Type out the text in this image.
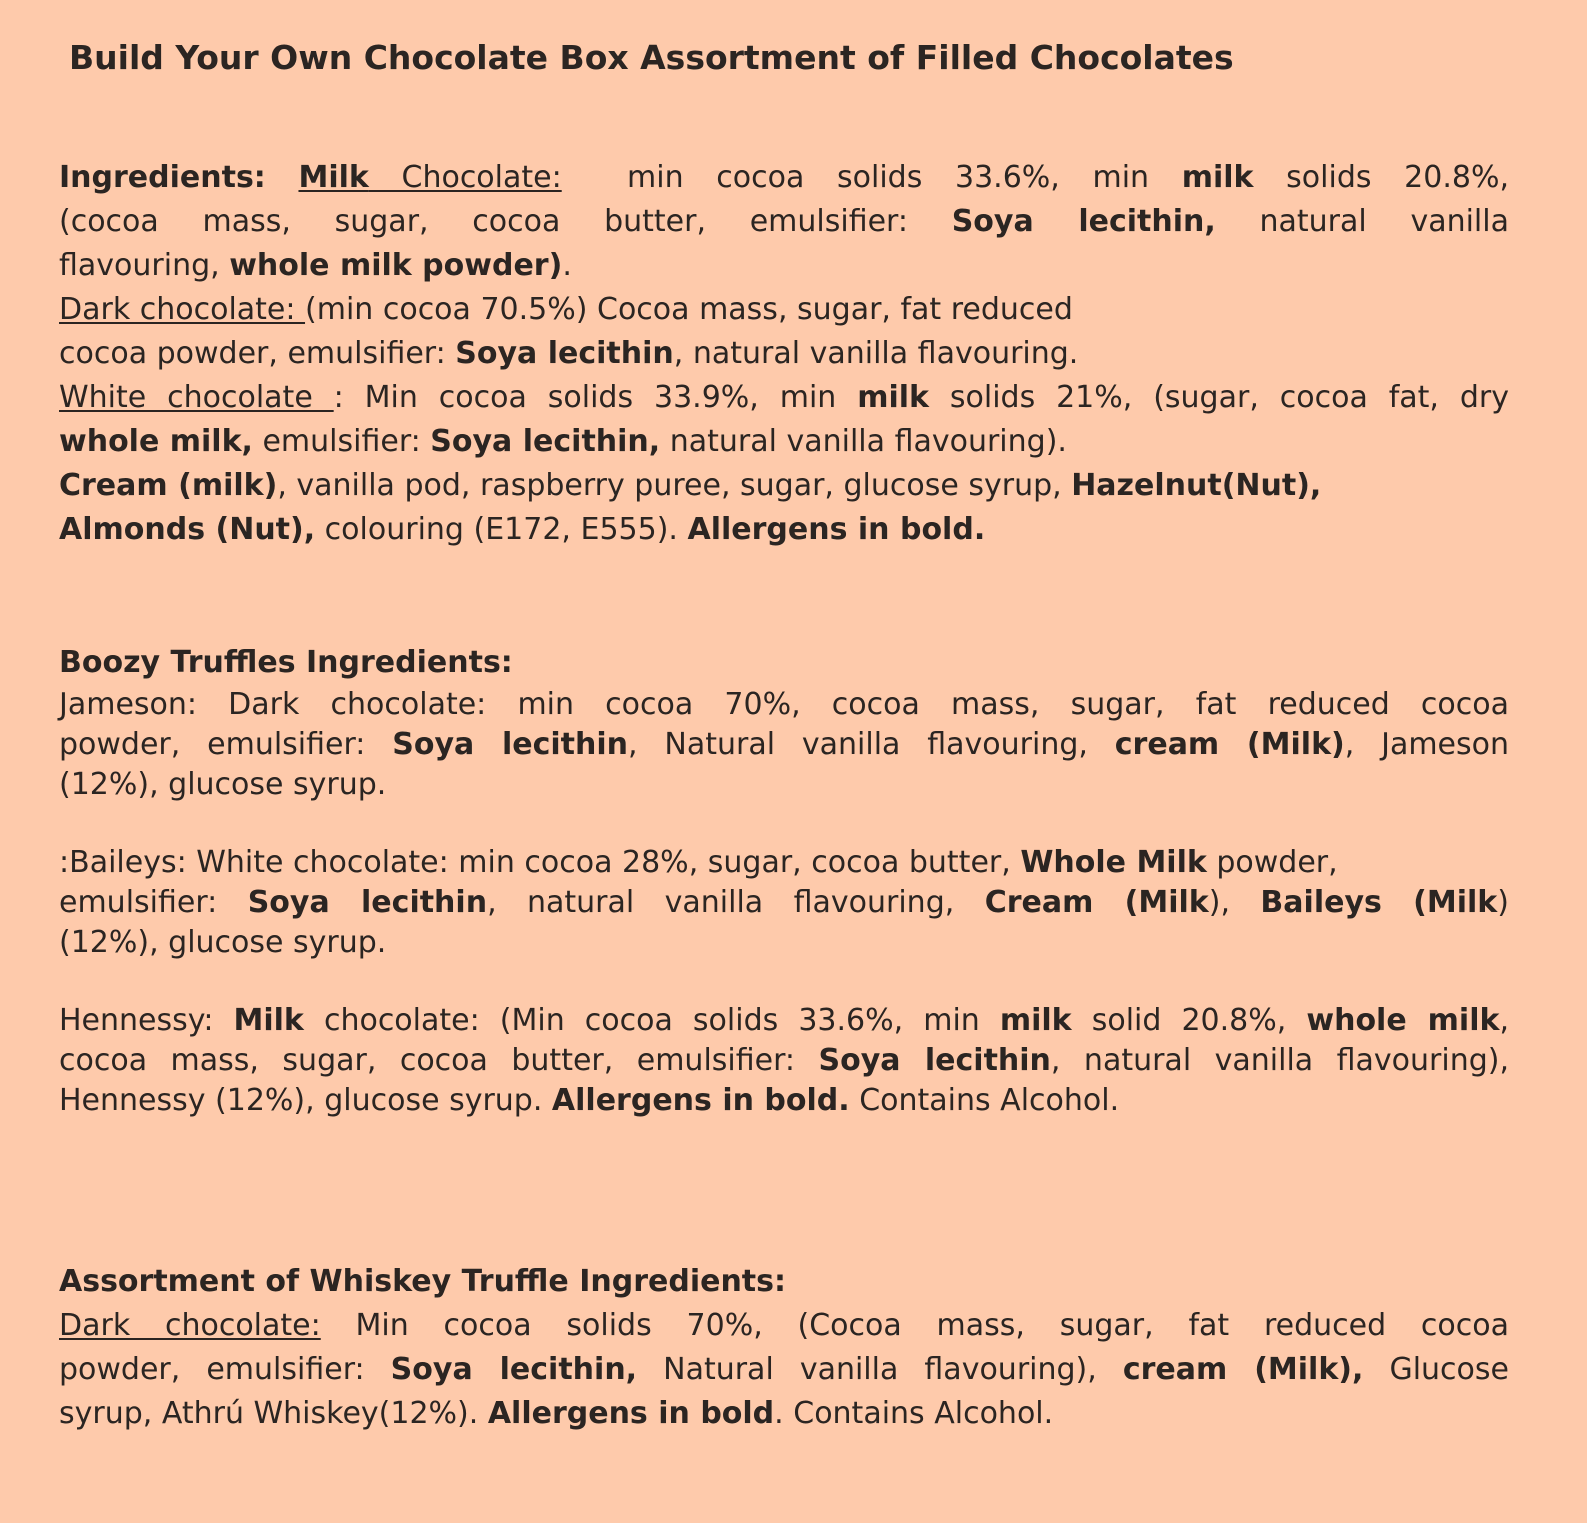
Build Your Own Chocolate Box Assortment of Filled Chocolates
Ingredients: Milk Chocolate:  min cocoa solids 33.6%, min milk solids 20.8%,
(cocoa mass, sugar, cocoa butter, emulsifier: Soya lecithin, natural vanilla
flavouring, whole milk powder).
Dark chocolate: (min cocoa 70.5%) Cocoa mass, sugar, fat reduced
cocoa powder, emulsifier: Soya lecithin, natural vanilla flavouring.
White chocolate : Min cocoa solids 33.9%, min milk solids 21%, (sugar, cocoa fat, dry
whole milk, emulsifier: Soya lecithin, natural vanilla flavouring).
Cream (milk), vanilla pod, raspberry puree, sugar, glucose syrup, Hazelnut(Nut),
Almonds (Nut), colouring (E172, E555). Allergens in bold.
Boozy Truffles Ingredients:
Jameson: Dark chocolate: min cocoa 70%, cocoa mass, sugar, fat reduced cocoa
powder, emulsifier: Soya lecithin, Natural vanilla flavouring, cream (Milk), Jameson
(12%), glucose syrup.
:Baileys: White chocolate: min cocoa 28%, sugar, cocoa butter, Whole Milk powder,
emulsifier: Soya lecithin, natural vanilla flavouring, Cream (Milk), Baileys (Milk)
(12%), glucose syrup.
Hennessy: Milk chocolate: (Min cocoa solids 33.6%, min milk solid 20.8%, whole milk,
cocoa mass, sugar, cocoa butter, emulsifier: Soya lecithin, natural vanilla flavouring),
Hennessy (12%), glucose syrup. Allergens in bold. Contains Alcohol.
Assortment of Whiskey Truffle Ingredients:
Dark chocolate: Min cocoa solids 70%, (Cocoa mass, sugar, fat reduced cocoa
powder, emulsifier: Soya lecithin, Natural vanilla flavouring), cream (Milk), Glucose
syrup, Athrú Whiskey(12%). Allergens in bold. Contains Alcohol.
